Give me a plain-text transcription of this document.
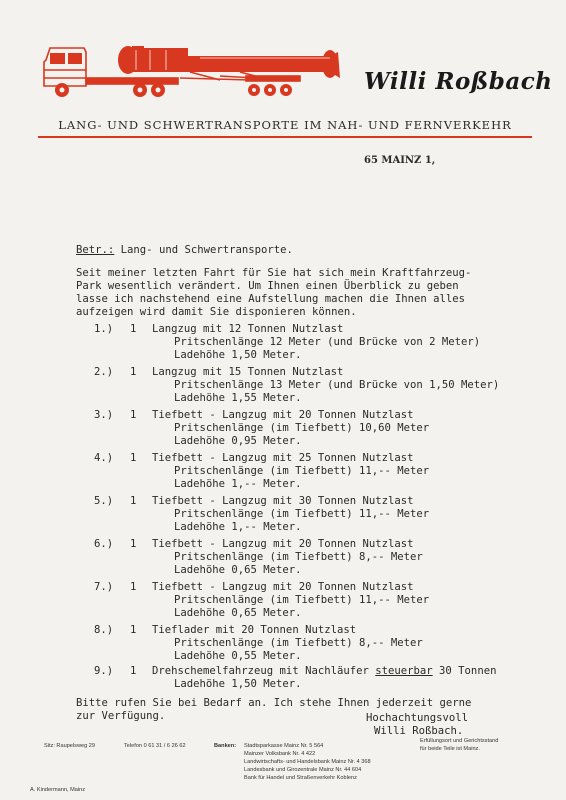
Willi Roßbach
LANG- UND SCHWERTRANSPORTE IM NAH- UND FERNVERKEHR
65 MAINZ 1,
Betr.: Lang- und Schwertransporte.
Seit meiner letzten Fahrt für Sie hat sich mein Kraftfahrzeug-
Park wesentlich verändert. Um Ihnen einen Überblick zu geben
lasse ich nachstehend eine Aufstellung machen die Ihnen alles
aufzeigen wird damit Sie disponieren können.
1.) 1 Langzug mit 12 Tonnen Nutzlast
Pritschenlänge 12 Meter (und Brücke von 2 Meter)
Ladehöhe 1,50 Meter.
2.) 1 Langzug mit 15 Tonnen Nutzlast
Pritschenlänge 13 Meter (und Brücke von 1,50 Meter)
Ladehöhe 1,55 Meter.
3.) 1 Tiefbett - Langzug mit 20 Tonnen Nutzlast
Pritschenlänge (im Tiefbett) 10,60 Meter
Ladehöhe 0,95 Meter.
4.) 1 Tiefbett - Langzug mit 25 Tonnen Nutzlast
Pritschenlänge (im Tiefbett) 11,-- Meter
Ladehöhe 1,-- Meter.
5.) 1 Tiefbett - Langzug mit 30 Tonnen Nutzlast
Pritschenlänge (im Tiefbett) 11,-- Meter
Ladehöhe 1,-- Meter.
6.) 1 Tiefbett - Langzug mit 20 Tonnen Nutzlast
Pritschenlänge (im Tiefbett) 8,-- Meter
Ladehöhe 0,65 Meter.
7.) 1 Tiefbett - Langzug mit 20 Tonnen Nutzlast
Pritschenlänge (im Tiefbett) 11,-- Meter
Ladehöhe 0,65 Meter.
8.) 1 Tieflader mit 20 Tonnen Nutzlast
Pritschenlänge (im Tiefbett) 8,-- Meter
Ladehöhe 0,55 Meter.
9.) 1 Drehschemelfahrzeug mit Nachläufer steuerbar 30 Tonnen
Ladehöhe 1,50 Meter.
Bitte rufen Sie bei Bedarf an. Ich stehe Ihnen jederzeit gerne
zur Verfügung.	Hochachtungsvoll
Willi Roßbach.
Sitz: Raupelsweg 29	Telefon 0 61 31 / 6 26 62	Banken: Stadtsparkasse Mainz Nr. 5 564
Mainzer Volksbank Nr. 4 422
Landwirtschafts- und Handelsbank Mainz Nr. 4 368
Landesbank und Girozentrale Mainz Nr. 44 604
Bank für Handel und Straßenverkehr Koblenz
Erfüllungsort und Gerichtsstand
für beide Teile ist Mainz.
A. Kindermann, Mainz
